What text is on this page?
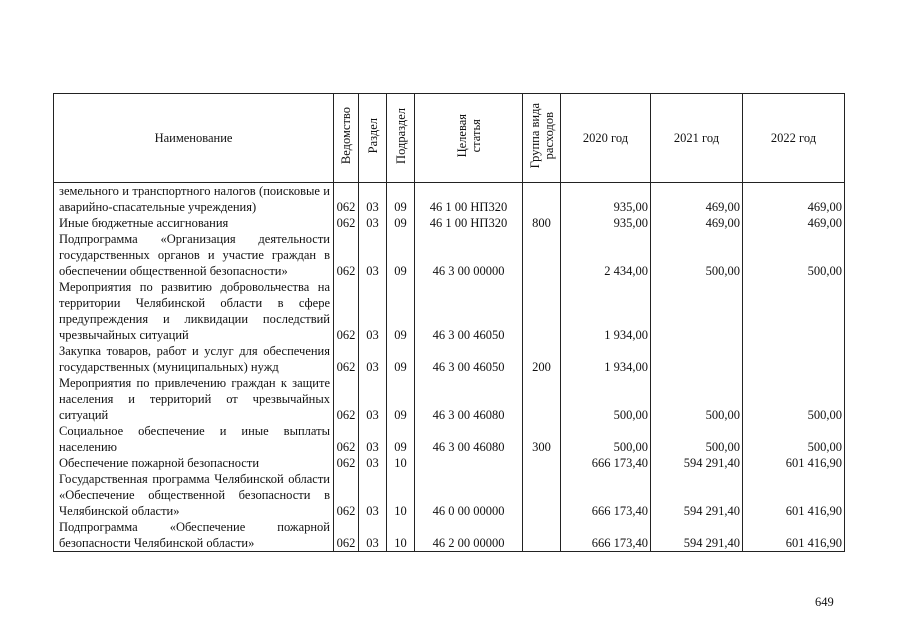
Наименование	Ведомство	Раздел	Подраздел	Целевая
статья	Группа вида
расходов	2020 год	2021 год	2022 год
земельного и транспортного налогов (поисковые и аварийно-спасательные учреждения)	062	03	09	46 1 00 НП320		935,00	469,00	469,00
Иные бюджетные ассигнования	062	03	09	46 1 00 НП320	800	935,00	469,00	469,00
Подпрограмма «Организация деятельности государственных органов и участие граждан в обеспечении общественной безопасности»	062	03	09	46 3 00 00000		2 434,00	500,00	500,00
Мероприятия по развитию добровольчества на территории Челябинской области в сфере предупреждения и ликвидации последствий чрезвычайных ситуаций	062	03	09	46 3 00 46050		1 934,00		
Закупка товаров, работ и услуг для обеспечения государственных (муниципальных) нужд	062	03	09	46 3 00 46050	200	1 934,00		
Мероприятия по привлечению граждан к защите населения и территорий от чрезвычайных ситуаций	062	03	09	46 3 00 46080		500,00	500,00	500,00
Социальное обеспечение и иные выплаты населению	062	03	09	46 3 00 46080	300	500,00	500,00	500,00
Обеспечение пожарной безопасности	062	03	10			666 173,40	594 291,40	601 416,90
Государственная программа Челябинской области «Обеспечение общественной безопасности в Челябинской области»	062	03	10	46 0 00 00000		666 173,40	594 291,40	601 416,90
Подпрограмма «Обеспечение пожарной безопасности Челябинской области»	062	03	10	46 2 00 00000		666 173,40	594 291,40	601 416,90
649
